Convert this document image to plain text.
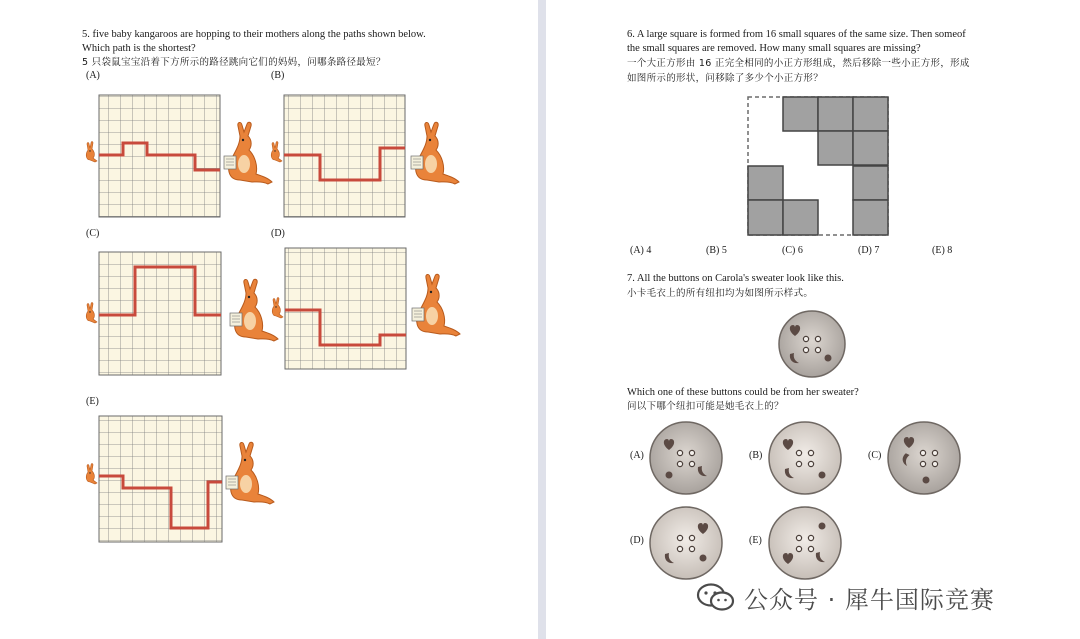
5. five baby kangaroos are hopping to their mothers along the paths shown below.
Which path is the shortest?
5 只袋鼠宝宝沿着下方所示的路径跳向它们的妈妈，问哪条路径最短？
(A)	(B)
(C)	(D)
(E)
6. A large square is formed from 16 small squares of the same size. Then someof
the small squares are removed. How many small squares are missing?
一个大正方形由 16 正完全相同的小正方形组成，然后移除一些小正方形，形成
如图所示的形状，问移除了多少个小正方形？
(A) 4	(B) 5	(C) 6	(D) 7	(E) 8
7. All the buttons on Carola's sweater look like this.
小卡毛衣上的所有纽扣均为如图所示样式。
Which one of these buttons could be from her sweater?
问以下哪个纽扣可能是她毛衣上的？
(A)	(B)	(C)
(D)	(E)
公众号 · 犀牛国际竞赛
